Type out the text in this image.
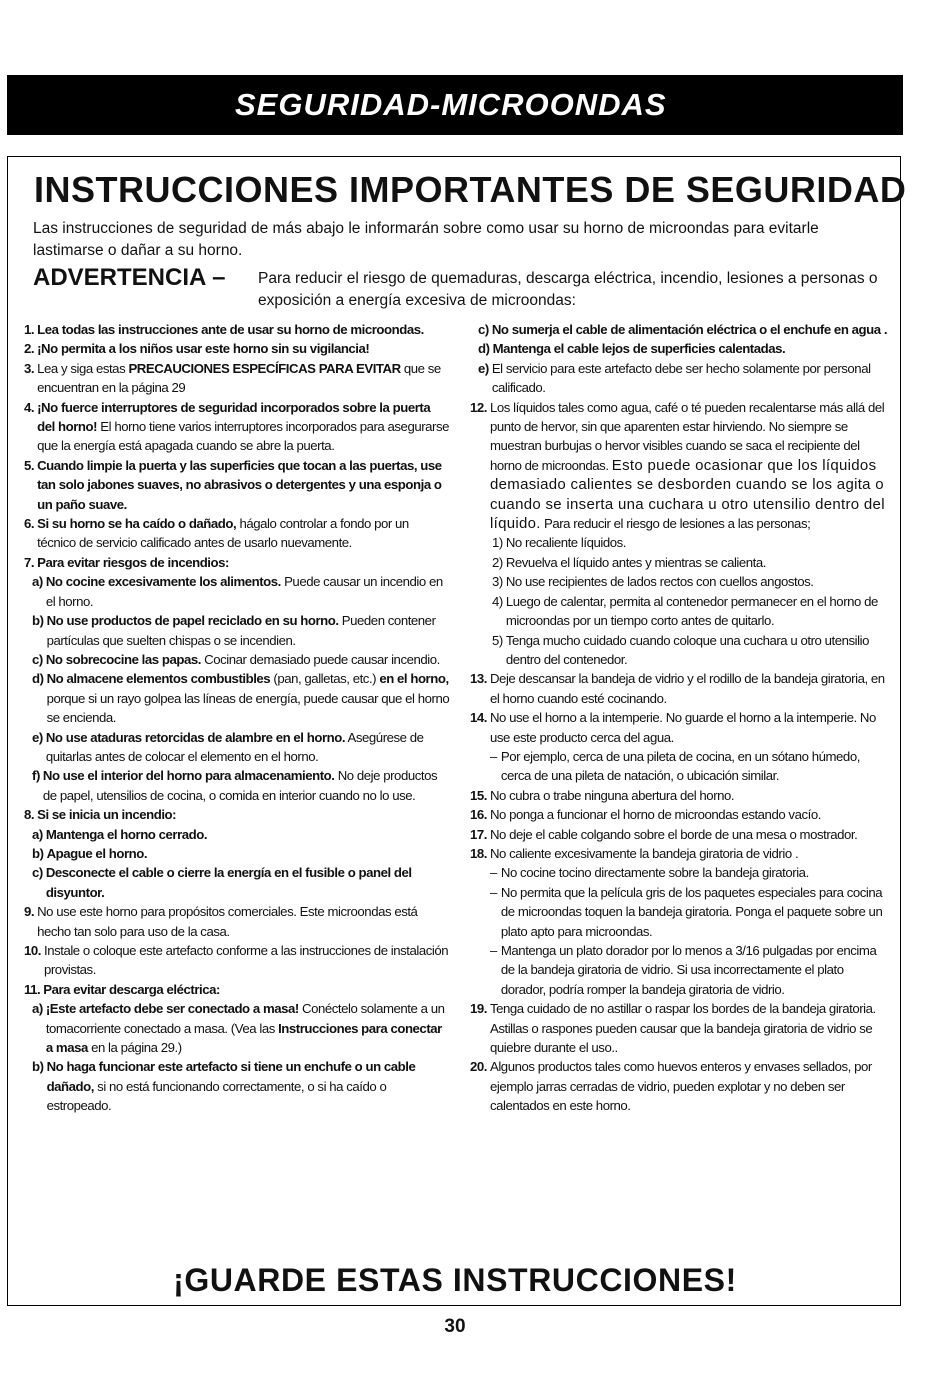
SEGURIDAD-MICROONDAS
INSTRUCCIONES IMPORTANTES DE SEGURIDAD
Las instrucciones de seguridad de más abajo le informarán sobre como usar su horno de microondas para evitarle lastimarse o dañar a su horno.
ADVERTENCIA – Para reducir el riesgo de quemaduras, descarga eléctrica, incendio, lesiones a personas o exposición a energía excesiva de microondas:
1. Lea todas las instrucciones ante de usar su horno de microondas.
2. ¡No permita a los niños usar este horno sin su vigilancia!
3. Lea y siga estas PRECAUCIONES ESPECÍFICAS PARA EVITAR que se encuentran en la página 29
4. ¡No fuerce interruptores de seguridad incorporados sobre la puerta del horno! El horno tiene varios interruptores incorporados para asegurarse que la energía está apagada cuando se abre la puerta.
5. Cuando limpie la puerta y las superficies que tocan a las puertas, use tan solo jabones suaves, no abrasivos o detergentes y una esponja o un paño suave.
6. Si su horno se ha caído o dañado, hágalo controlar a fondo por un técnico de servicio calificado antes de usarlo nuevamente.
7. Para evitar riesgos de incendios:
a) No cocine excesivamente los alimentos. Puede causar un incendio en el horno.
b) No use productos de papel reciclado en su horno. Pueden contener partículas que suelten chispas o se incendien.
c) No sobrecocine las papas. Cocinar demasiado puede causar incendio.
d) No almacene elementos combustibles (pan, galletas, etc.) en el horno, porque si un rayo golpea las líneas de energía, puede causar que el horno se encienda.
e) No use ataduras retorcidas de alambre en el horno. Asegúrese de quitarlas antes de colocar el elemento en el horno.
f) No use el interior del horno para almacenamiento. No deje productos de papel, utensilios de cocina, o comida en interior cuando no lo use.
8. Si se inicia un incendio:
a) Mantenga el horno cerrado.
b) Apague el horno.
c) Desconecte el cable o cierre la energía en el fusible o panel del disyuntor.
9. No use este horno para propósitos comerciales. Este microondas está hecho tan solo para uso de la casa.
10. Instale o coloque este artefacto conforme a las instrucciones de instalación provistas.
11. Para evitar descarga eléctrica:
a) ¡Este artefacto debe ser conectado a masa! Conéctelo solamente a un tomacorriente conectado a masa. (Vea las Instrucciones para conectar a masa en la página 29.)
b) No haga funcionar este artefacto si tiene un enchufe o un cable dañado, si no está funcionando correctamente, o si ha caído o estropeado.
c) No sumerja el cable de alimentación eléctrica o el enchufe en agua .
d) Mantenga el cable lejos de superficies calentadas.
e) El servicio para este artefacto debe ser hecho solamente por personal calificado.
12. Los líquidos tales como agua, café o té pueden recalentarse más allá del punto de hervor, sin que aparenten estar hirviendo. No siempre se muestran burbujas o hervor visibles cuando se saca el recipiente del horno de microondas. Esto puede ocasionar que los líquidos demasiado calientes se desborden cuando se los agita o cuando se inserta una cuchara u otro utensilio dentro del líquido. Para reducir el riesgo de lesiones a las personas;
1) No recaliente líquidos.
2) Revuelva el líquido antes y mientras se calienta.
3) No use recipientes de lados rectos con cuellos angostos.
4) Luego de calentar, permita al contenedor permanecer en el horno de microondas por un tiempo corto antes de quitarlo.
5) Tenga mucho cuidado cuando coloque una cuchara u otro utensilio dentro del contenedor.
13. Deje descansar la bandeja de vidrio y el rodillo de la bandeja giratoria, en el horno cuando esté cocinando.
14. No use el horno a la intemperie. No guarde el horno a la intemperie. No use este producto cerca del agua.
– Por ejemplo, cerca de una pileta de cocina, en un sótano húmedo, cerca de una pileta de natación, o ubicación similar.
15. No cubra o trabe ninguna abertura del horno.
16. No ponga a funcionar el horno de microondas estando vacío.
17. No deje el cable colgando sobre el borde de una mesa o mostrador.
18. No caliente excesivamente la bandeja giratoria de vidrio .
– No cocine tocino directamente sobre la bandeja giratoria.
– No permita que la película gris de los paquetes especiales para cocina de microondas toquen la bandeja giratoria. Ponga el paquete sobre un plato apto para microondas.
– Mantenga un plato dorador por lo menos a 3/16 pulgadas por encima de la bandeja giratoria de vidrio. Si usa incorrectamente el plato dorador, podría romper la bandeja giratoria de vidrio.
19. Tenga cuidado de no astillar o raspar los bordes de la bandeja giratoria. Astillas o raspones pueden causar que la bandeja giratoria de vidrio se quiebre durante el uso..
20. Algunos productos tales como huevos enteros y envases sellados, por ejemplo jarras cerradas de vidrio, pueden explotar y no deben ser calentados en este horno.
¡GUARDE ESTAS INSTRUCCIONES!
30
